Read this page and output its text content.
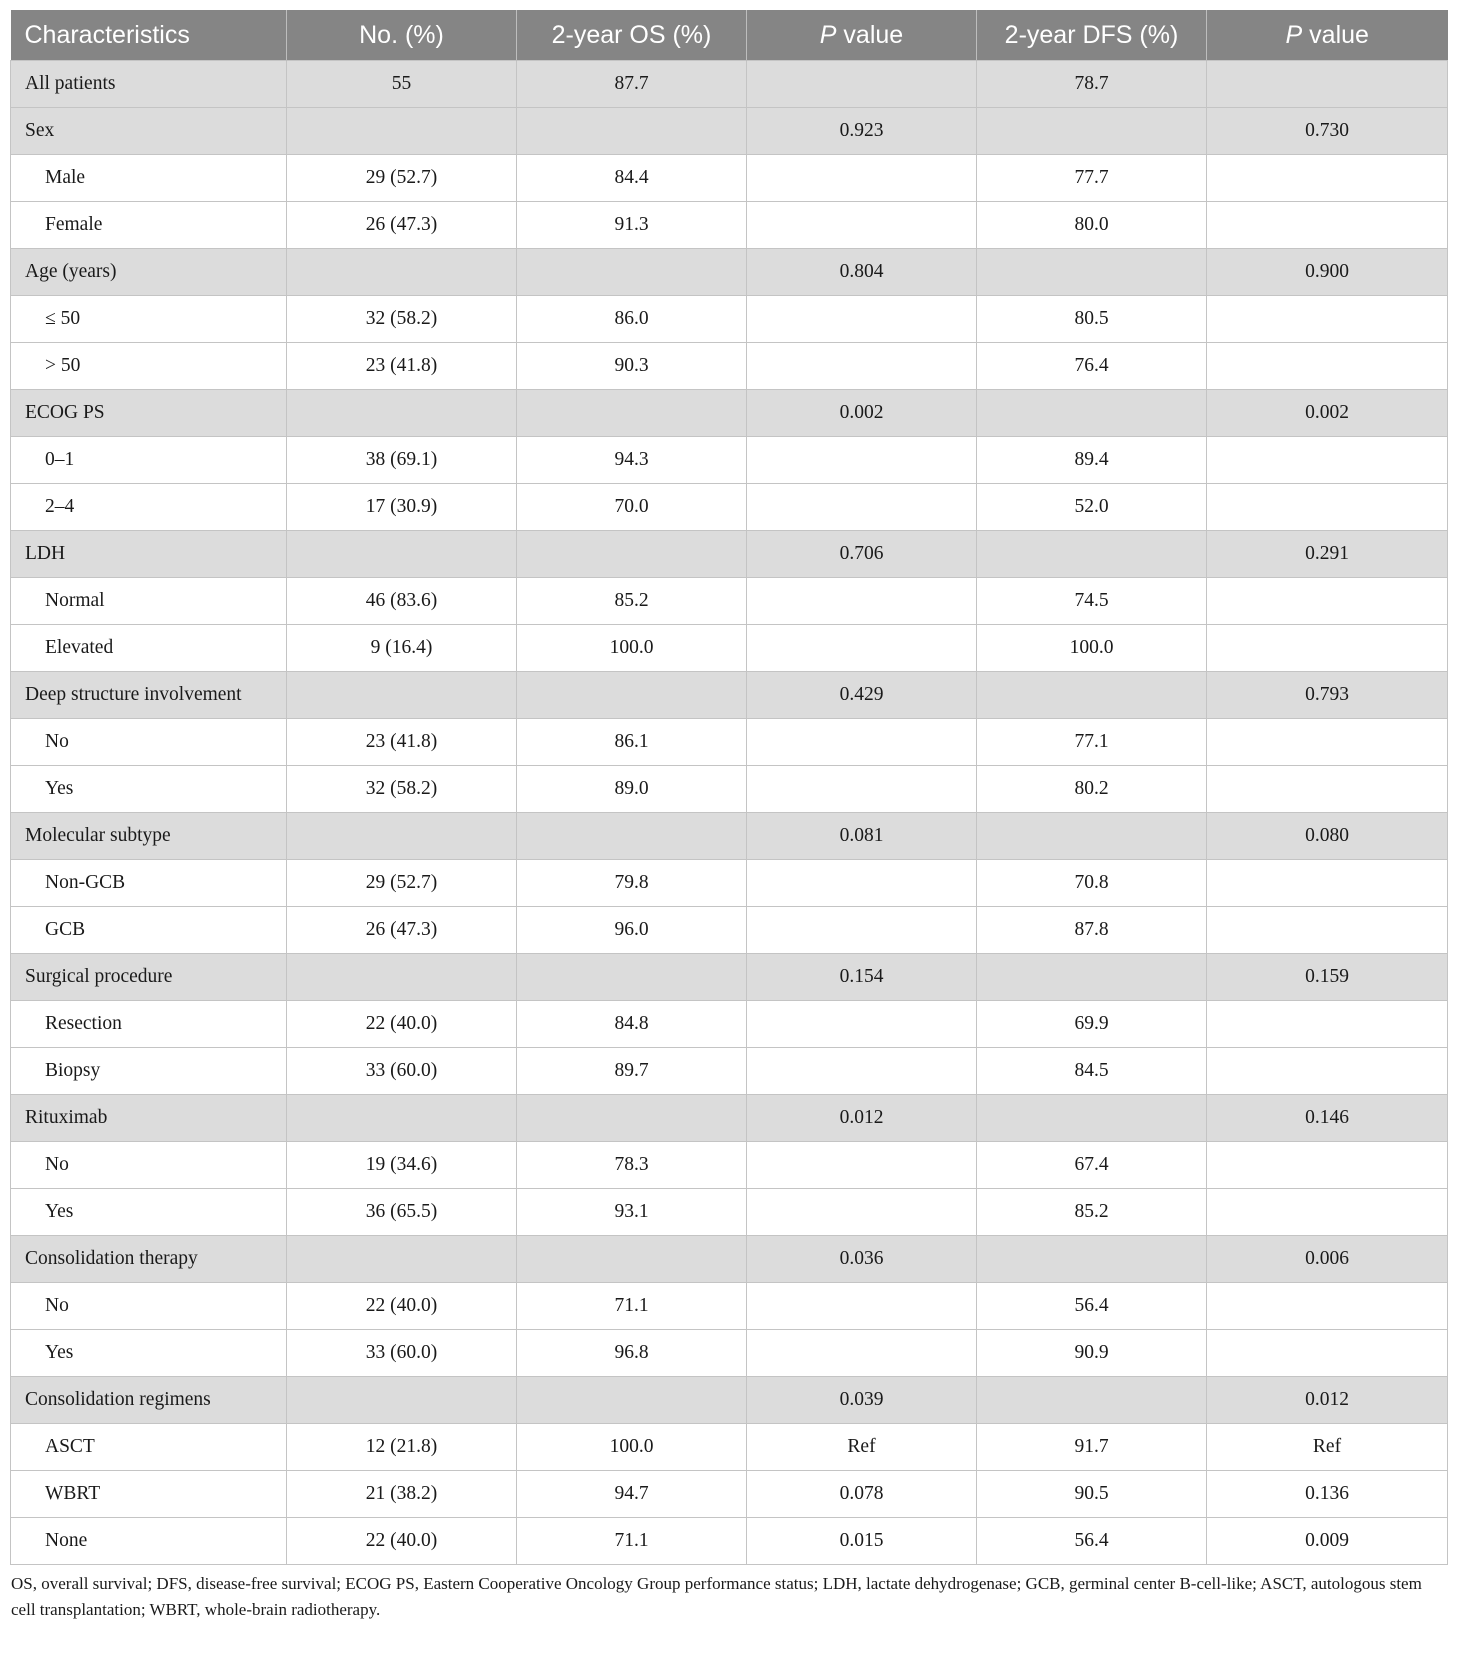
Characteristics	No. (%)	2-year OS (%)	P value	2-year DFS (%)	P value
All patients	55	87.7		78.7	
Sex			0.923		0.730
Male	29 (52.7)	84.4		77.7	
Female	26 (47.3)	91.3		80.0	
Age (years)			0.804		0.900
≤ 50	32 (58.2)	86.0		80.5	
> 50	23 (41.8)	90.3		76.4	
ECOG PS			0.002		0.002
0–1	38 (69.1)	94.3		89.4	
2–4	17 (30.9)	70.0		52.0	
LDH			0.706		0.291
Normal	46 (83.6)	85.2		74.5	
Elevated	9 (16.4)	100.0		100.0	
Deep structure involvement			0.429		0.793
No	23 (41.8)	86.1		77.1	
Yes	32 (58.2)	89.0		80.2	
Molecular subtype			0.081		0.080
Non-GCB	29 (52.7)	79.8		70.8	
GCB	26 (47.3)	96.0		87.8	
Surgical procedure			0.154		0.159
Resection	22 (40.0)	84.8		69.9	
Biopsy	33 (60.0)	89.7		84.5	
Rituximab			0.012		0.146
No	19 (34.6)	78.3		67.4	
Yes	36 (65.5)	93.1		85.2	
Consolidation therapy			0.036		0.006
No	22 (40.0)	71.1		56.4	
Yes	33 (60.0)	96.8		90.9	
Consolidation regimens			0.039		0.012
ASCT	12 (21.8)	100.0	Ref	91.7	Ref
WBRT	21 (38.2)	94.7	0.078	90.5	0.136
None	22 (40.0)	71.1	0.015	56.4	0.009
OS, overall survival; DFS, disease-free survival; ECOG PS, Eastern Cooperative Oncology Group performance status; LDH, lactate dehydrogenase; GCB, germinal center B-cell-like; ASCT, autologous stem cell transplantation; WBRT, whole-brain radiotherapy.
